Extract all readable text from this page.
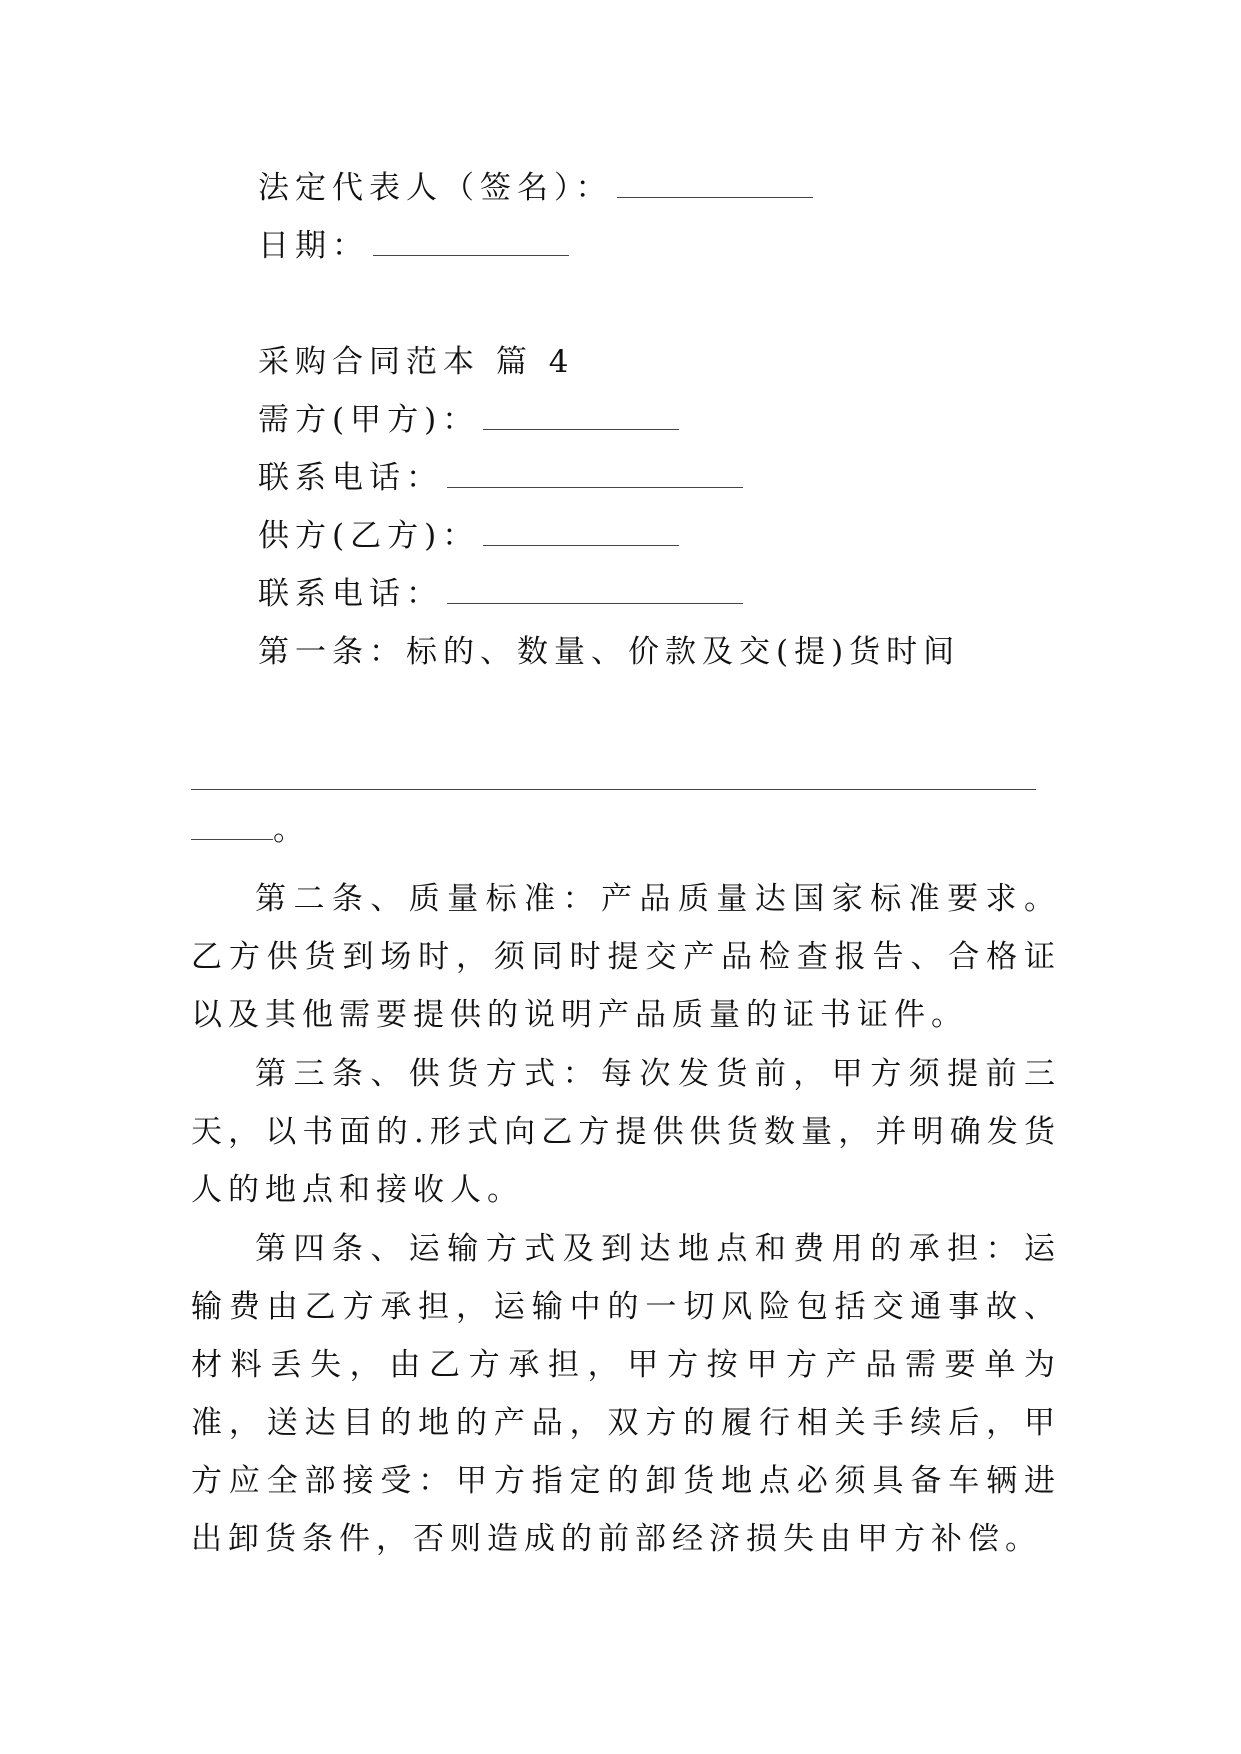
法定代表人（签名）：
日期：
采购合同范本 篇 4
需方(甲方)：
联系电话：
供方(乙方)：
联系电话：
第一条：标的、数量、价款及交(提)货时间
。

第二条、质量标准：产品质量达国家标准要求。乙方供货到场时，须同时提交产品检查报告、合格证以及其他需要提供的说明产品质量的证书证件。

第三条、供货方式：每次发货前，甲方须提前三天，以书面的.形式向乙方提供供货数量，并明确发货人的地点和接收人。

第四条、运输方式及到达地点和费用的承担：运输费由乙方承担，运输中的一切风险包括交通事故、材料丢失，由乙方承担，甲方按甲方产品需要单为准，送达目的地的产品，双方的履行相关手续后，甲方应全部接受：甲方指定的卸货地点必须具备车辆进出卸货条件，否则造成的前部经济损失由甲方补偿。
